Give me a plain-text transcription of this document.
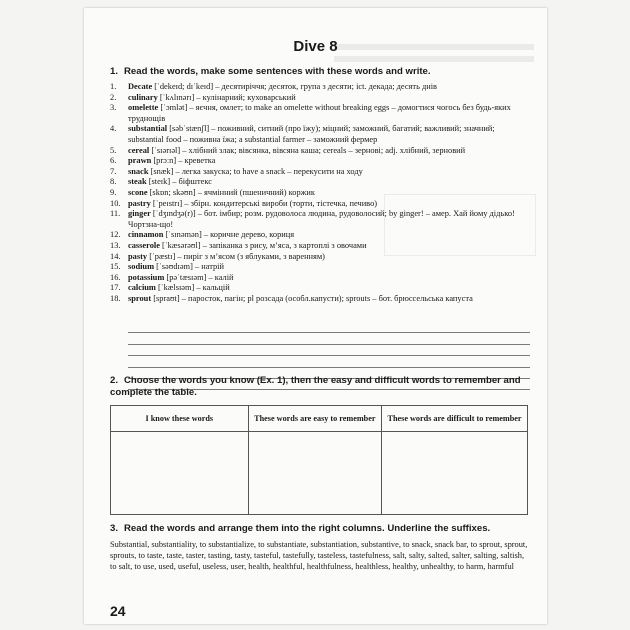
Dive 8
1. Read the words, make some sentences with these words and write.
1.	Decate [ˈdekeɪd; dɪˈkeɪd] – десятиріччя; десяток, група з десяти; ict. декада; десять днів
2.	culinary [ˈkʌlɪnərɪ] – кулінарний; куховарський
3.	omelette [ˈɔmlət] – яєчня, омлет; to make an omelette without breaking eggs – домогтися чогось без будь-яких труднощів
4.	substantial [səbˈstænʃl] – поживний, ситний (про їжу); міцний; заможний, багатий; важливий; значний; substantial food – поживна їжа; a substantial farmer – заможний фермер
5.	cereal [ˈsɪərɪəl] – хлібний злак; вівсянка, вівсяна каша; cereals – зернові; adj. хлібний, зерновий
6.	prawn [prɔːn] – креветка
7.	snack [snæk] – легка закуска; to have a snack – перекусити на ходу
8.	steak [steɪk] – біфштекс
9.	scone [skɒn; skəʊn] – ячмінний (пшеничний) коржик
10. pastry [ˈpeɪstrɪ] – збірн. кондитерські вироби (торти, тістечка, печиво)
11. ginger [ˈdʒɪndʒə(r)] – бот. імбир; розм. рудоволоса людина, рудоволосий; by ginger! – амер. Хай йому дідько! Чортзна-що!
12. cinnamon [ˈsɪnəmən] – коричне дерево, кориця
13. casserole [ˈkæsərəʊl] – запіканка з рису, м’яса, з картоплі з овочами
14. pasty [ˈpæstɪ] – пиріг з м’ясом (з яблуками, з варенням)
15. sodium [ˈsəʊdɪəm] – натрій
16. potassium [pəˈtæsɪəm] – калій
17. calcium [ˈkælsɪəm] – кальцій
18. sprout [spraʊt] – паросток, пагін; pl розсада (особл.капусти); sprouts – бот. брюссельська капуста
2. Choose the words you know (Ex. 1), then the easy and difficult words to remember and complete the table.
I know these words	These words are easy to remember	These words are difficult to remember

3. Read the words and arrange them into the right columns. Underline the suffixes.
Substantial, substantiality, to substantialize, to substantiate, substantiation, substantive, to snack, snack bar, to sprout, sprout, sprouts, to taste, taste, taster, tasting, tasty, tasteful, tastefully, tasteless, tastefulness, salt, salty, salted, salter, salting, saltish, to salt, to use, used, useful, useless, user, health, healthful, healthfulness, healthless, healthy, unhealthy, to harm, harmful
24
